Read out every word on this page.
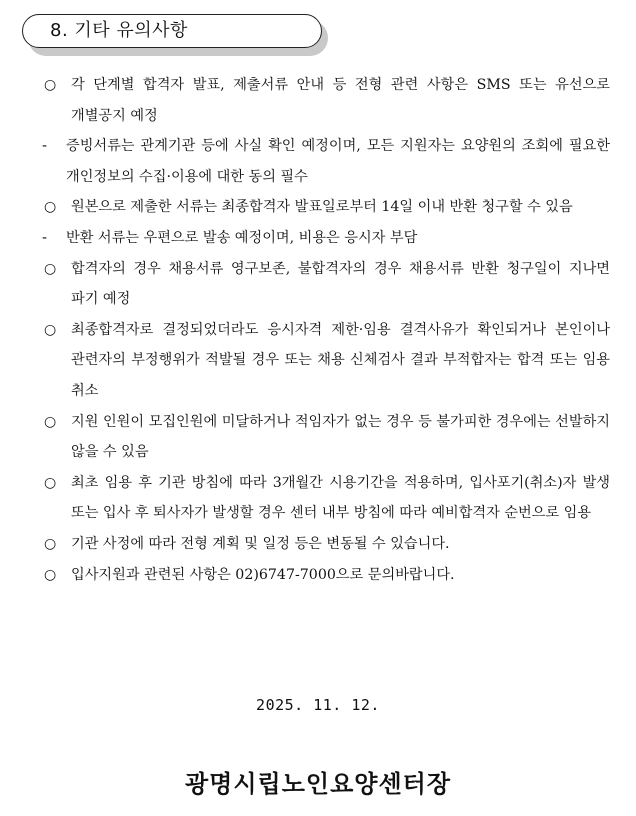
8. 기타 유의사항
○	각 단계별 합격자 발표, 제출서류 안내 등 전형 관련 사항은 SMS 또는 유선으로 개별공지 예정
-	증빙서류는 관계기관 등에 사실 확인 예정이며, 모든 지원자는 요양원의 조회에 필요한 개인정보의 수집·이용에 대한 동의 필수
○	원본으로 제출한 서류는 최종합격자 발표일로부터 14일 이내 반환 청구할 수 있음
-	반환 서류는 우편으로 발송 예정이며, 비용은 응시자 부담
○	합격자의 경우 채용서류 영구보존, 불합격자의 경우 채용서류 반환 청구일이 지나면 파기 예정
○	최종합격자로 결정되었더라도 응시자격 제한·임용 결격사유가 확인되거나 본인이나 관련자의 부정행위가 적발될 경우 또는 채용 신체검사 결과 부적합자는 합격 또는 임용 취소
○	지원 인원이 모집인원에 미달하거나 적임자가 없는 경우 등 불가피한 경우에는 선발하지 않을 수 있음
○	최초 임용 후 기관 방침에 따라 3개월간 시용기간을 적용하며, 입사포기(취소)자 발생 또는 입사 후 퇴사자가 발생할 경우 센터 내부 방침에 따라 예비합격자 순번으로 임용
○	기관 사정에 따라 전형 계획 및 일정 등은 변동될 수 있습니다.
○	입사지원과 관련된 사항은 02)6747-7000으로 문의바랍니다.
2025. 11. 12.
광명시립노인요양센터장
